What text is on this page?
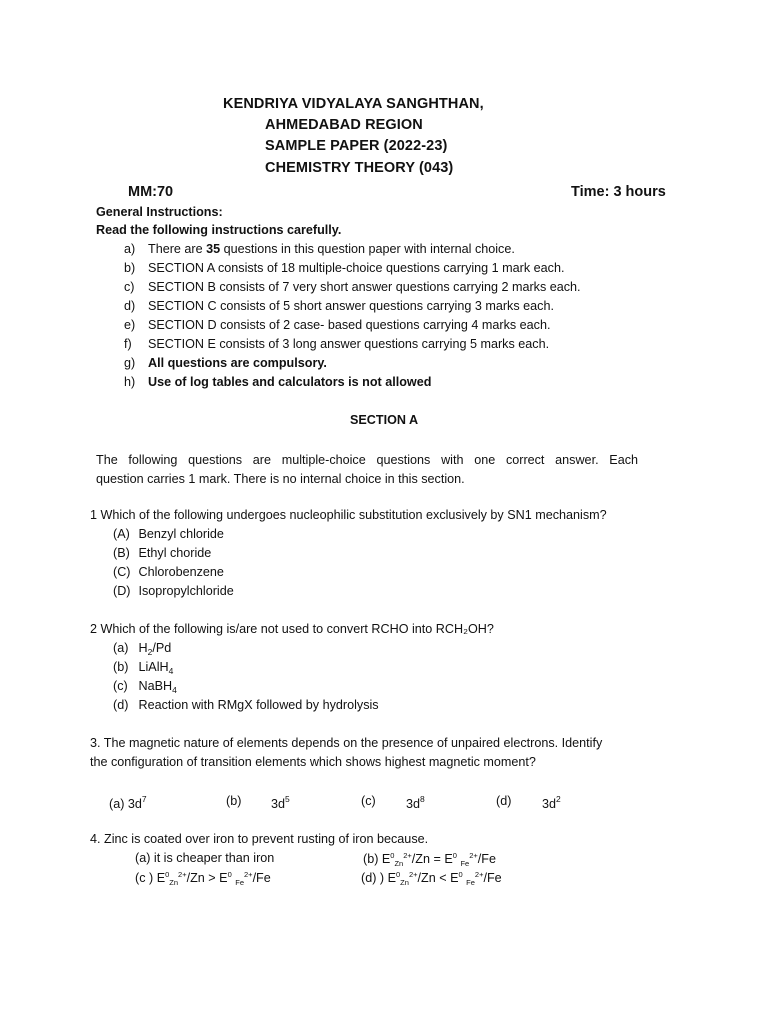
KENDRIYA VIDYALAYA SANGHTHAN,
AHMEDABAD REGION
SAMPLE PAPER (2022-23)
CHEMISTRY THEORY (043)
MM:70	Time: 3 hours
General Instructions:
Read the following instructions carefully.
a)	There are 35 questions in this question paper with internal choice.
b)	SECTION A consists of 18 multiple-choice questions carrying 1 mark each.
c)	SECTION B consists of 7 very short answer questions carrying 2 marks each.
d)	SECTION C consists of 5 short answer questions carrying 3 marks each.
e)	SECTION D consists of 2 case- based questions carrying 4 marks each.
f)	SECTION E consists of 3 long answer questions carrying 5 marks each.
g)	All questions are compulsory.
h)	Use of log tables and calculators is not allowed
SECTION A
The following questions are multiple-choice questions with one correct answer. Each
question carries 1 mark. There is no internal choice in this section.
1 Which of the following undergoes nucleophilic substitution exclusively by SN1 mechanism?
(A) Benzyl chloride
(B) Ethyl choride
(C) Chlorobenzene
(D) Isopropylchloride
2 Which of the following is/are not used to convert RCHO into RCH₂OH?
(a) $H_2/Pd$
(b) LiAlH$_4$
(c) NaBH$_4$
(d) Reaction with RMgX followed by hydrolysis
3. The magnetic nature of elements depends on the presence of unpaired electrons. Identify
the configuration of transition elements which shows highest magnetic moment?
(a) $3d^7$	(b) $3d^5$	(c) $3d^8$	(d) $3d^2$
4. Zinc is coated over iron to prevent rusting of iron because.
(a) it is cheaper than iron	(b) $E^0_{Zn}^{2+}/Zn = E^0$ $_{Fe}^{2+}$/Fe
(c ) $E^0_{Zn}^{2+}/Zn > E^0$ $_{Fe}^{2+}$/Fe	(d) ) $E^0_{Zn}^{2+}/Zn < E^0$ $_{Fe}^{2+}$/Fe
